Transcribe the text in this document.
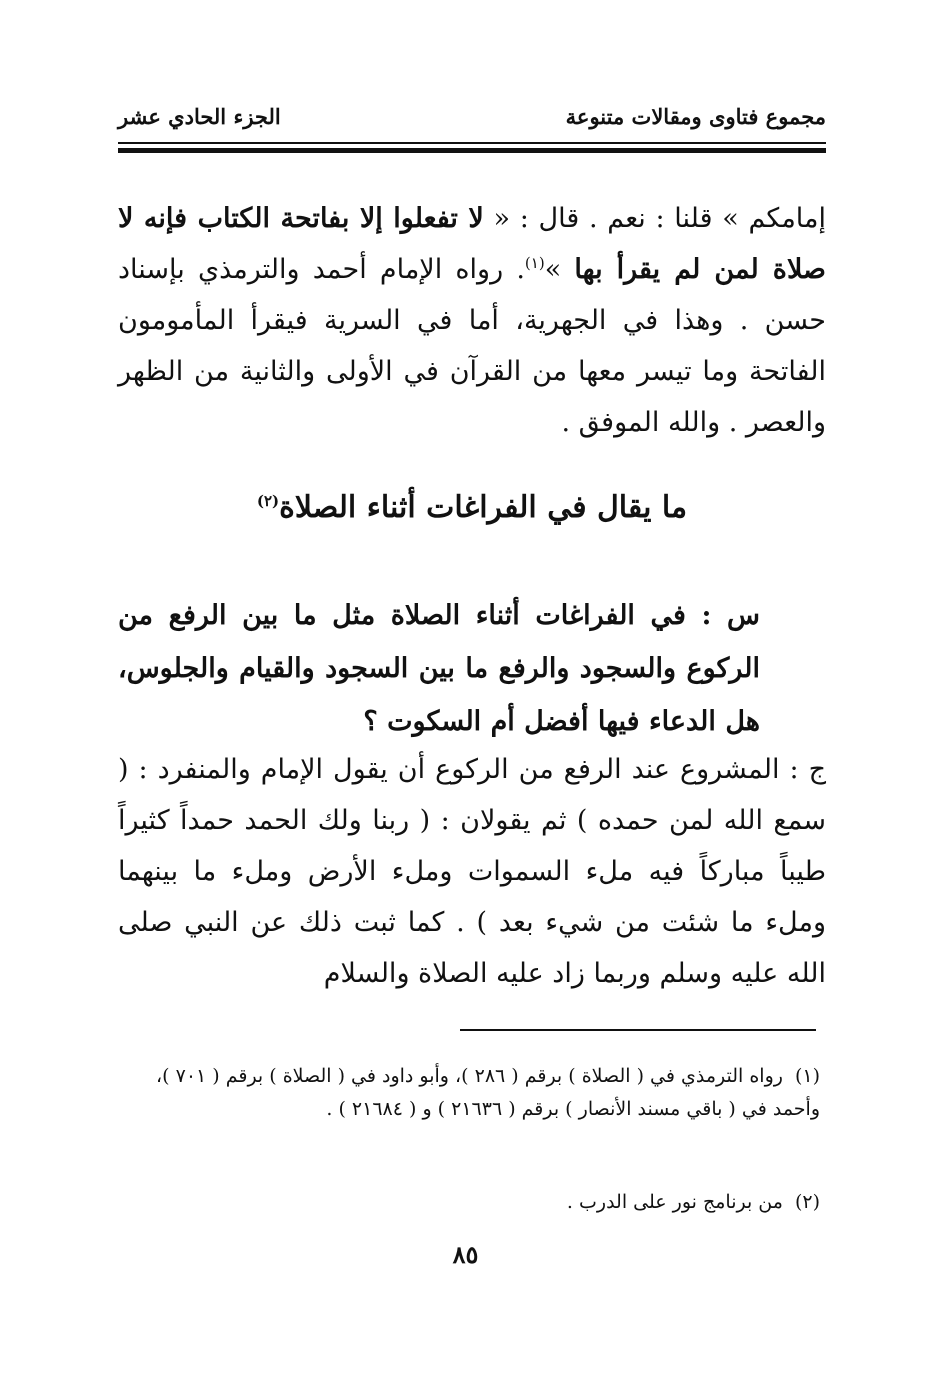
مجموع فتاوى ومقالات متنوعة
الجزء الحادي عشر
إمامكم » قلنا : نعم . قال : « لا تفعلوا إلا بفاتحة الكتاب فإنه لا صلاة لمن لم يقرأ بها »$^{(١)}$. رواه الإمام أحمد والترمذي بإسناد حسن . وهذا في الجهرية، أما في السرية فيقرأ المأمومون الفاتحة وما تيسر معها من القرآن في الأولى والثانية من الظهر والعصر . والله الموفق .
ما يقال في الفراغات أثناء الصلاة$^{(٢)}$
س : في الفراغات أثناء الصلاة مثل ما بين الرفع من الركوع والسجود والرفع ما بين السجود والقيام والجلوس، هل الدعاء فيها أفضل أم السكوت ؟
ج : المشروع عند الرفع من الركوع أن يقول الإمام والمنفرد : ( سمع الله لمن حمده ) ثم يقولان : ( ربنا ولك الحمد حمداً كثيراً طيباً مباركاً فيه ملء السموات وملء الأرض وملء ما بينهما وملء ما شئت من شيء بعد ) . كما ثبت ذلك عن النبي صلى الله عليه وسلم وربما زاد عليه الصلاة والسلام
(١)رواه الترمذي في ( الصلاة ) برقم ( ٢٨٦ )، وأبو داود في ( الصلاة ) برقم ( ٧٠١ )، وأحمد في ( باقي مسند الأنصار ) برقم ( ٢١٦٣٦ ) و ( ٢١٦٨٤ ) .
(٢)من برنامج نور على الدرب .
٨٥
